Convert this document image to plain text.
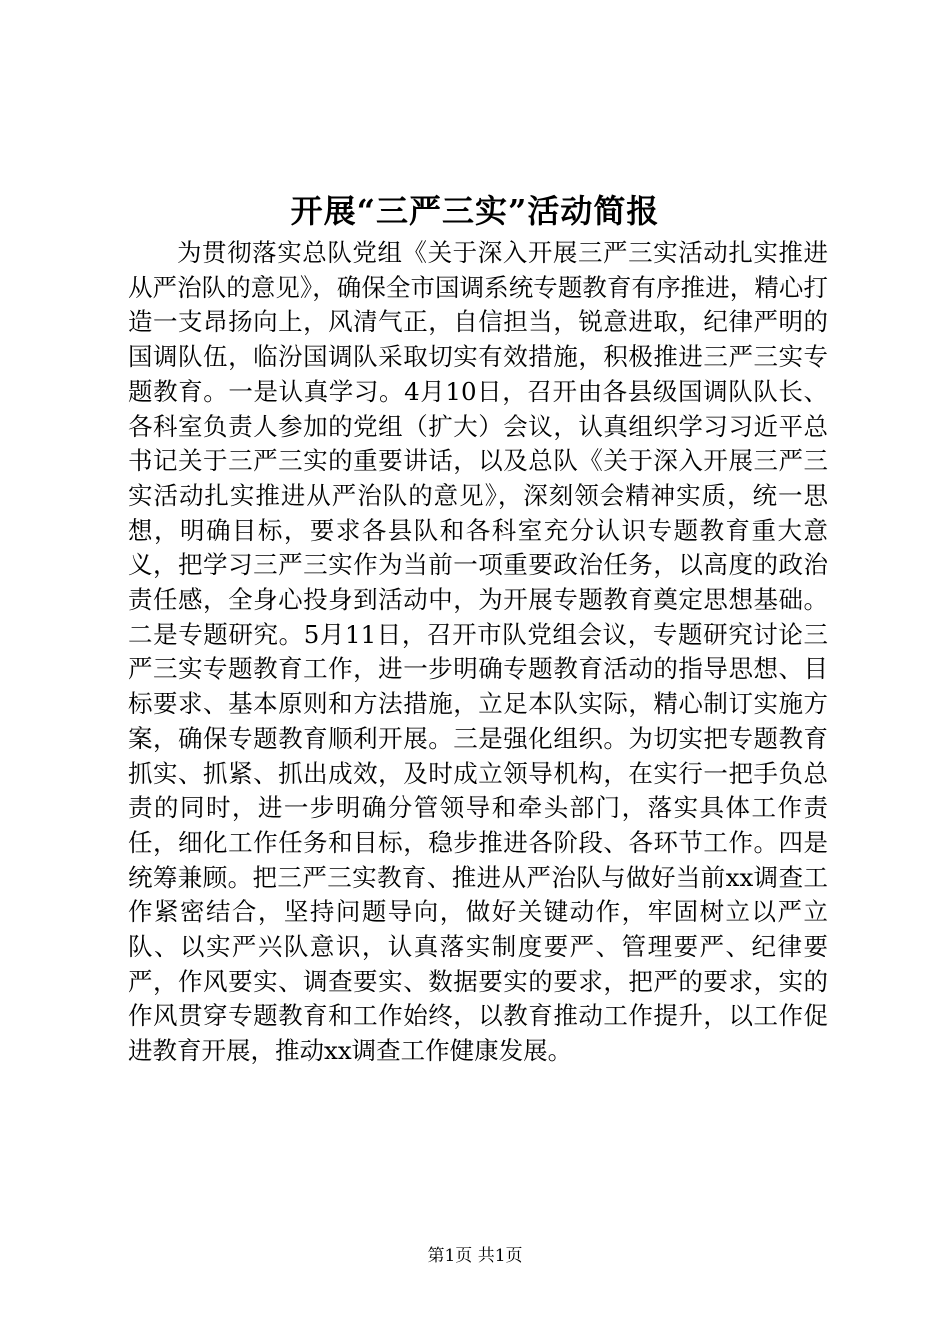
开展“三严三实”活动简报

为贯彻落实总队党组《关于深入开展三严三实活动扎实推进从严治队的意见》，确保全市国调系统专题教育有序推进，精心打造一支昂扬向上，风清气正，自信担当，锐意进取，纪律严明的国调队伍，临汾国调队采取切实有效措施，积极推进三严三实专题教育。一是认真学习。4月10日，召开由各县级国调队队长、各科室负责人参加的党组（扩大）会议，认真组织学习习近平总书记关于三严三实的重要讲话，以及总队《关于深入开展三严三实活动扎实推进从严治队的意见》，深刻领会精神实质，统一思想，明确目标，要求各县队和各科室充分认识专题教育重大意义，把学习三严三实作为当前一项重要政治任务，以高度的政治责任感，全身心投身到活动中，为开展专题教育奠定思想基础。二是专题研究。5月11日，召开市队党组会议，专题研究讨论三严三实专题教育工作，进一步明确专题教育活动的指导思想、目标要求、基本原则和方法措施，立足本队实际，精心制订实施方案，确保专题教育顺利开展。三是强化组织。为切实把专题教育抓实、抓紧、抓出成效，及时成立领导机构，在实行一把手负总责的同时，进一步明确分管领导和牵头部门，落实具体工作责任，细化工作任务和目标，稳步推进各阶段、各环节工作。四是统筹兼顾。把三严三实教育、推进从严治队与做好当前xx调查工作紧密结合，坚持问题导向，做好关键动作，牢固树立以严立队、以实严兴队意识，认真落实制度要严、管理要严、纪律要严，作风要实、调查要实、数据要实的要求，把严的要求，实的作风贯穿专题教育和工作始终，以教育推动工作提升，以工作促进教育开展，推动xx调查工作健康发展。

第1页 共1页
